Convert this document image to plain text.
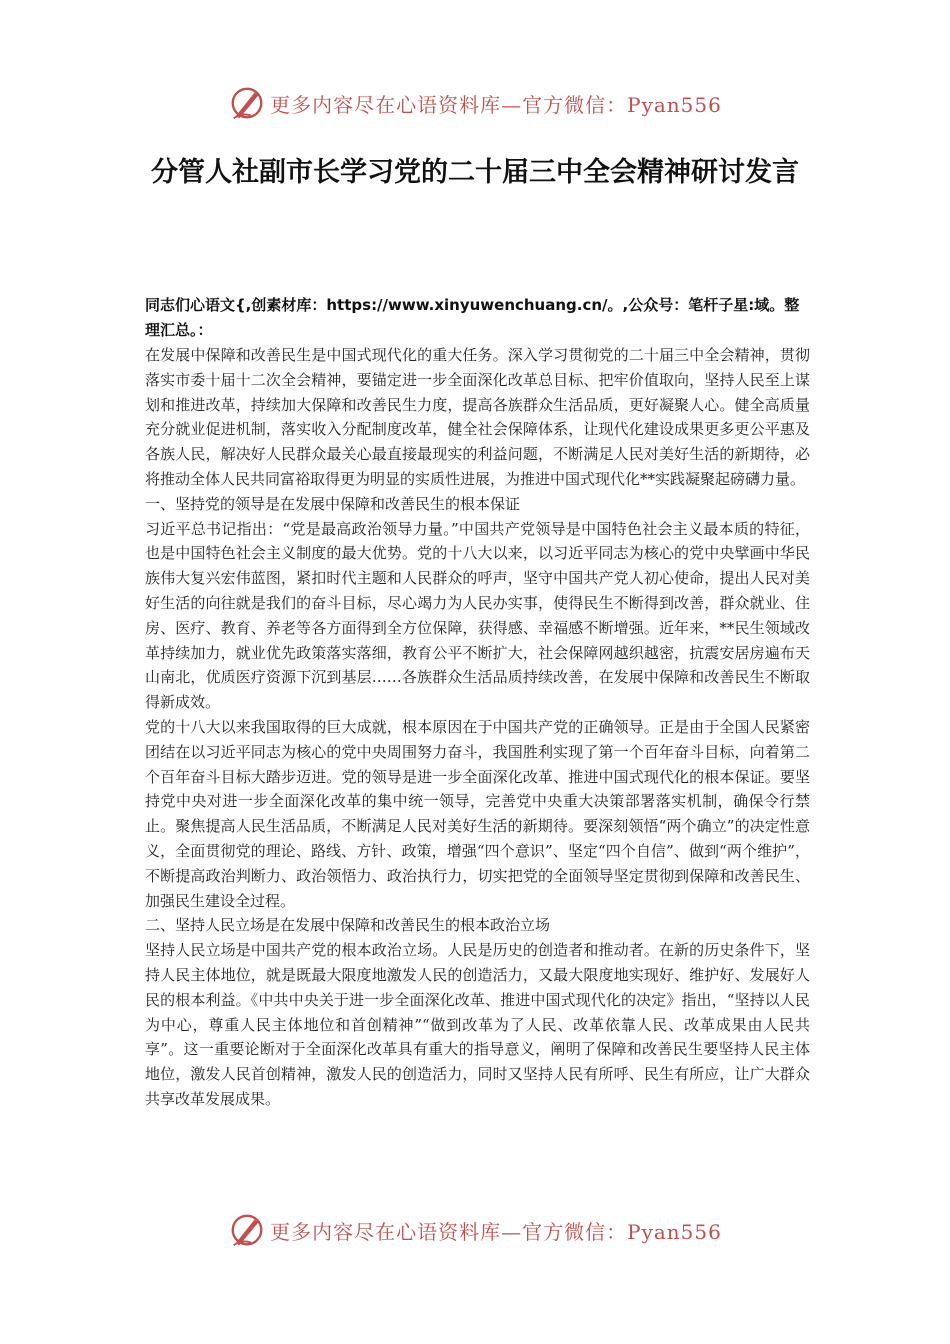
更多内容尽在心语资料库—官方微信：Pyan556
分管人社副市长学习党的二十届三中全会精神研讨发言

同志们心语文{,创素材库：https://www.xinyuwenchuang.cn/。,公众号：笔杆子星:域。整理汇总。：

在发展中保障和改善民生是中国式现代化的重大任务。深入学习贯彻党的二十届三中全会精神，贯彻落实市委十届十二次全会精神，要锚定进一步全面深化改革总目标、把牢价值取向，坚持人民至上谋划和推进改革，持续加大保障和改善民生力度，提高各族群众生活品质，更好凝聚人心。健全高质量充分就业促进机制，落实收入分配制度改革，健全社会保障体系，让现代化建设成果更多更公平惠及各族人民，解决好人民群众最关心最直接最现实的利益问题，不断满足人民对美好生活的新期待，必将推动全体人民共同富裕取得更为明显的实质性进展，为推进中国式现代化**实践凝聚起磅礴力量。

一、坚持党的领导是在发展中保障和改善民生的根本保证

习近平总书记指出：“党是最高政治领导力量。”中国共产党领导是中国特色社会主义最本质的特征，也是中国特色社会主义制度的最大优势。党的十八大以来，以习近平同志为核心的党中央擘画中华民族伟大复兴宏伟蓝图，紧扣时代主题和人民群众的呼声，坚守中国共产党人初心使命，提出人民对美好生活的向往就是我们的奋斗目标，尽心竭力为人民办实事，使得民生不断得到改善，群众就业、住房、医疗、教育、养老等各方面得到全方位保障，获得感、幸福感不断增强。近年来，**民生领域改革持续加力，就业优先政策落实落细，教育公平不断扩大，社会保障网越织越密，抗震安居房遍布天山南北，优质医疗资源下沉到基层……各族群众生活品质持续改善，在发展中保障和改善民生不断取得新成效。

党的十八大以来我国取得的巨大成就，根本原因在于中国共产党的正确领导。正是由于全国人民紧密团结在以习近平同志为核心的党中央周围努力奋斗，我国胜利实现了第一个百年奋斗目标，向着第二个百年奋斗目标大踏步迈进。党的领导是进一步全面深化改革、推进中国式现代化的根本保证。要坚持党中央对进一步全面深化改革的集中统一领导，完善党中央重大决策部署落实机制，确保令行禁止。聚焦提高人民生活品质，不断满足人民对美好生活的新期待。要深刻领悟“两个确立”的决定性意义，全面贯彻党的理论、路线、方针、政策，增强“四个意识”、坚定“四个自信”、做到“两个维护”，不断提高政治判断力、政治领悟力、政治执行力，切实把党的全面领导坚定贯彻到保障和改善民生、加强民生建设全过程。

二、坚持人民立场是在发展中保障和改善民生的根本政治立场

坚持人民立场是中国共产党的根本政治立场。人民是历史的创造者和推动者。在新的历史条件下，坚持人民主体地位，就是既最大限度地激发人民的创造活力，又最大限度地实现好、维护好、发展好人民的根本利益。《中共中央关于进一步全面深化改革、推进中国式现代化的决定》指出，“坚持以人民为中心，尊重人民主体地位和首创精神”“做到改革为了人民、改革依靠人民、改革成果由人民共享”。这一重要论断对于全面深化改革具有重大的指导意义，阐明了保障和改善民生要坚持人民主体地位，激发人民首创精神，激发人民的创造活力，同时又坚持人民有所呼、民生有所应，让广大群众共享改革发展成果。

更多内容尽在心语资料库—官方微信：Pyan556
